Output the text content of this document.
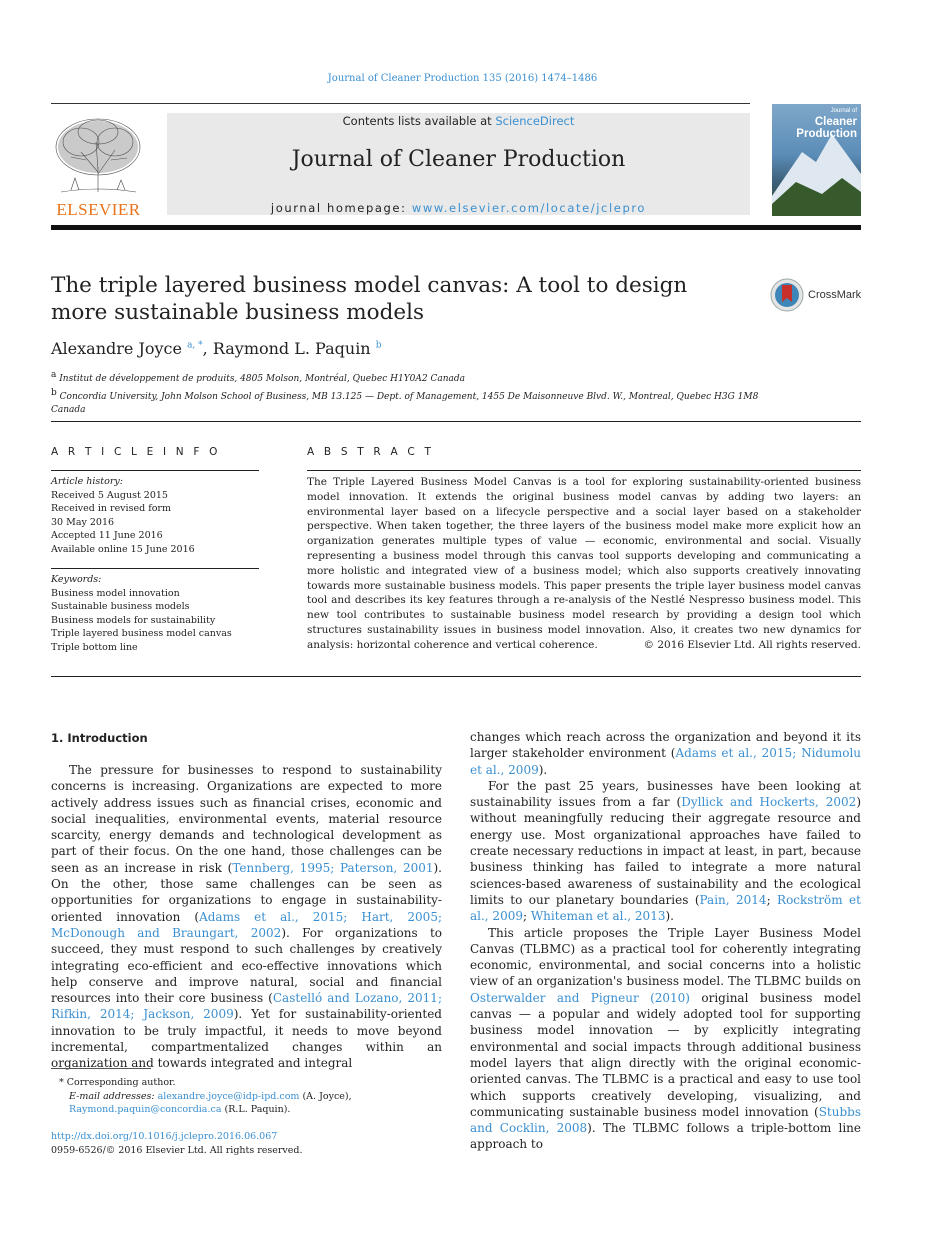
Journal of Cleaner Production 135 (2016) 1474–1486
ELSEVIER
Contents lists available at ScienceDirect
Journal of Cleaner Production
journal homepage: www.elsevier.com/locate/jclepro
Journal of
Cleaner
Production
The triple layered business model canvas: A tool to design more sustainable business models
CrossMark
Alexandre Joyce $^{a, *}$, Raymond L. Paquin $^b$
$^a$ Institut de développement de produits, 4805 Molson, Montréal, Quebec H1Y0A2 Canada
$^b$ Concordia University, John Molson School of Business, MB 13.125 — Dept. of Management, 1455 De Maisonneuve Blvd. W., Montreal, Quebec H3G 1M8 Canada
A R T I C L E I N F O
Article history:
Received 5 August 2015
Received in revised form
30 May 2016
Accepted 11 June 2016
Available online 15 June 2016
Keywords:
Business model innovation
Sustainable business models
Business models for sustainability
Triple layered business model canvas
Triple bottom line
A B S T R A C T
The Triple Layered Business Model Canvas is a tool for exploring sustainability-oriented business model innovation. It extends the original business model canvas by adding two layers: an environmental layer based on a lifecycle perspective and a social layer based on a stakeholder perspective. When taken together, the three layers of the business model make more explicit how an organization generates multiple types of value — economic, environmental and social. Visually representing a business model through this canvas tool supports developing and communicating a more holistic and integrated view of a business model; which also supports creatively innovating towards more sustainable business models. This paper presents the triple layer business model canvas tool and describes its key features through a re-analysis of the Nestlé Nespresso business model. This new tool contributes to sustainable business model research by providing a design tool which structures sustainability issues in business model innovation. Also, it creates two new dynamics for analysis: horizontal coherence and vertical coherence.	© 2016 Elsevier Ltd. All rights reserved.
1. Introduction

The pressure for businesses to respond to sustainability concerns is increasing. Organizations are expected to more actively address issues such as financial crises, economic and social inequalities, environmental events, material resource scarcity, energy demands and technological development as part of their focus. On the one hand, those challenges can be seen as an increase in risk (Tennberg, 1995; Paterson, 2001). On the other, those same challenges can be seen as opportunities for organizations to engage in sustainability-oriented innovation (Adams et al., 2015; Hart, 2005; McDonough and Braungart, 2002). For organizations to succeed, they must respond to such challenges by creatively integrating eco-efficient and eco-effective innovations which help conserve and improve natural, social and financial resources into their core business (Castelló and Lozano, 2011; Rifkin, 2014; Jackson, 2009). Yet for sustainability-oriented innovation to be truly impactful, it needs to move beyond incremental, compartmentalized changes within an organization and towards integrated and integral

changes which reach across the organization and beyond it its larger stakeholder environment (Adams et al., 2015; Nidumolu et al., 2009).

For the past 25 years, businesses have been looking at sustainability issues from a far (Dyllick and Hockerts, 2002) without meaningfully reducing their aggregate resource and energy use. Most organizational approaches have failed to create necessary reductions in impact at least, in part, because business thinking has failed to integrate a more natural sciences-based awareness of sustainability and the ecological limits to our planetary boundaries (Pain, 2014; Rockström et al., 2009; Whiteman et al., 2013).

This article proposes the Triple Layer Business Model Canvas (TLBMC) as a practical tool for coherently integrating economic, environmental, and social concerns into a holistic view of an organization's business model. The TLBMC builds on Osterwalder and Pigneur (2010) original business model canvas — a popular and widely adopted tool for supporting business model innovation — by explicitly integrating environmental and social impacts through additional business model layers that align directly with the original economic-oriented canvas. The TLBMC is a practical and easy to use tool which supports creatively developing, visualizing, and communicating sustainable business model innovation (Stubbs and Cocklin, 2008). The TLBMC follows a triple-bottom line approach to

* Corresponding author.
E-mail addresses: alexandre.joyce@idp-ipd.com (A. Joyce), Raymond.paquin@concordia.ca (R.L. Paquin).
http://dx.doi.org/10.1016/j.jclepro.2016.06.067
0959-6526/© 2016 Elsevier Ltd. All rights reserved.
